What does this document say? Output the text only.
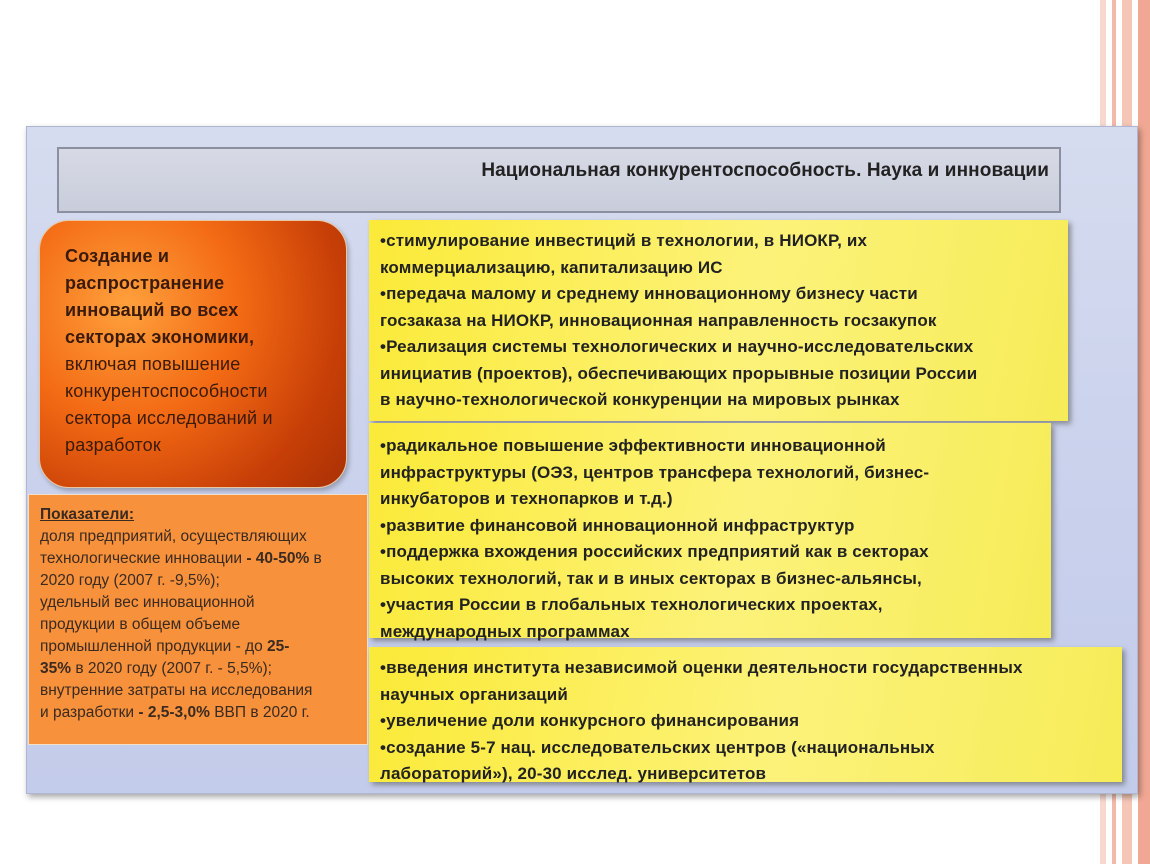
Национальная конкурентоспособность. Наука и инновации
Создание и
распространение
инноваций во всех
секторах экономики,
включая повышение
конкурентоспособности
сектора исследований и
разработок
Показатели:
доля предприятий, осуществляющих
технологические инновации - 40-50% в
2020 году (2007 г. -9,5%);
удельный вес инновационной
продукции в общем объеме
промышленной продукции - до 25-
35% в 2020 году (2007 г. - 5,5%);
внутренние затраты на исследования
и разработки - 2,5-3,0% ВВП в 2020 г.
•стимулирование инвестиций в технологии, в НИОКР, их
коммерциализацию, капитализацию ИС
•передача малому и среднему инновационному бизнесу части
госзаказа на НИОКР, инновационная направленность госзакупок
•Реализация системы технологических и научно-исследовательских
инициатив (проектов), обеспечивающих прорывные позиции России
в научно-технологической конкуренции на мировых рынках
•радикальное повышение эффективности инновационной
инфраструктуры (ОЭЗ, центров трансфера технологий, бизнес-
инкубаторов и технопарков и т.д.)
•развитие финансовой инновационной инфраструктур
•поддержка вхождения российских предприятий как в секторах
высоких технологий, так и в иных секторах в бизнес-альянсы,
•участия России в глобальных технологических проектах,
международных программах
•введения института независимой оценки деятельности государственных
научных организаций
•увеличение доли конкурсного финансирования
•создание 5-7 нац. исследовательских центров («национальных
лабораторий»), 20-30 исслед. университетов
